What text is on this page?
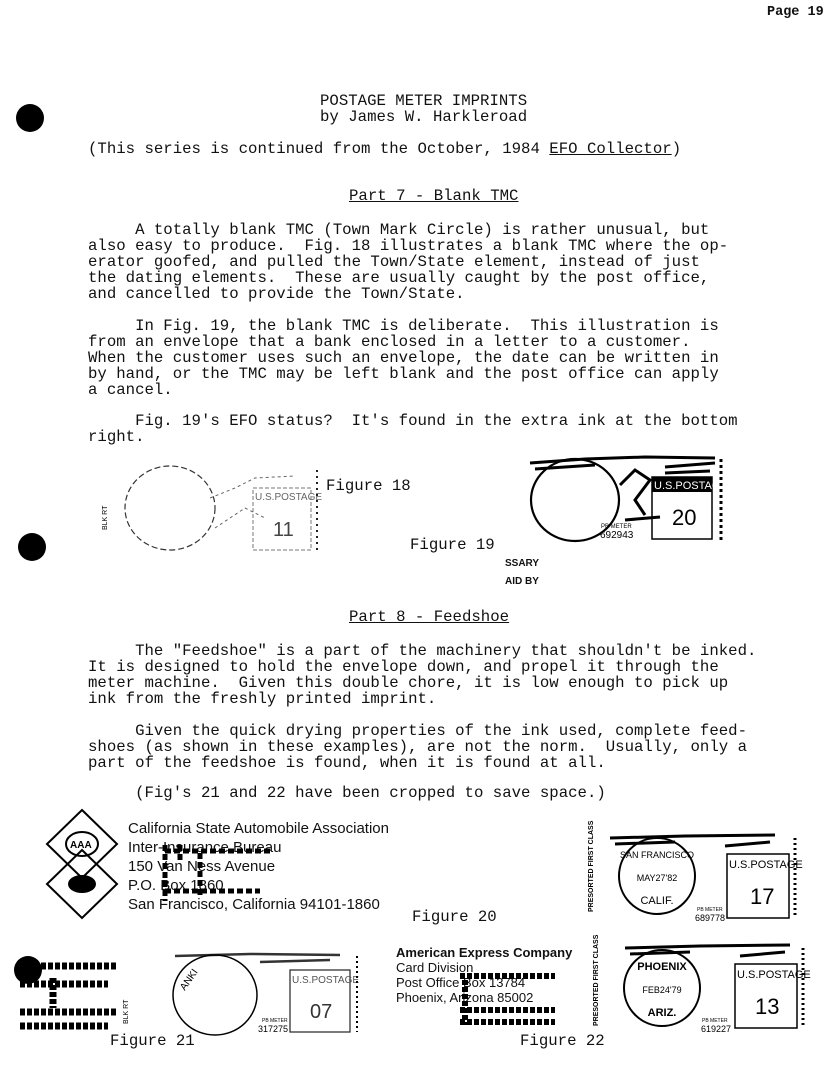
Page 19
POSTAGE METER IMPRINTS
by James W. Harkleroad
(This series is continued from the October, 1984 EFO Collector)
Part 7 - Blank TMC
A totally blank TMC (Town Mark Circle) is rather unusual, but
also easy to produce.  Fig. 18 illustrates a blank TMC where the op-
erator goofed, and pulled the Town/State element, instead of just
the dating elements.  These are usually caught by the post office,
and cancelled to provide the Town/State.
In Fig. 19, the blank TMC is deliberate.  This illustration is
from an envelope that a bank enclosed in a letter to a customer.
When the customer uses such an envelope, the date can be written in
by hand, or the TMC may be left blank and the post office can apply
a cancel.
Fig. 19's EFO status?  It's found in the extra ink at the bottom
right.
BLK RT
U.S.POSTAGE
11
Figure 18	U.S.POSTAGE
20
PB METER
692943
Figure 19
SSARY
AID BY
Part 8 - Feedshoe
The "Feedshoe" is a part of the machinery that shouldn't be inked.
It is designed to hold the envelope down, and propel it through the
meter machine.  Given this double chore, it is low enough to pick up
ink from the freshly printed imprint.
Given the quick drying properties of the ink used, complete feed-
shoes (as shown in these examples), are not the norm.  Usually, only a
part of the feedshoe is found, when it is found at all.
(Fig's 21 and 22 have been cropped to save space.)
AAA
California State Automobile Association
Inter-Insurance Bureau
150 Van Ness Avenue
P.O. Box 1860
San Francisco, California 94101-1860
Figure 20
PRESORTED FIRST CLASS	SAN FRANCISCO
MAY27'82
CALIF.
U.S.POSTAGE
17
PB METER
689778
BLK RT
ANKI	U.S.POSTAGE
07
PB METER
317275
Figure 21
American Express Company
Card Division
Post Office Box 13784
Phoenix, Arizona 85002	PRESORTED FIRST CLASS	PHOENIX
FEB24'79
ARIZ.
U.S.POSTAGE
13
PB METER
619227
Figure 22
